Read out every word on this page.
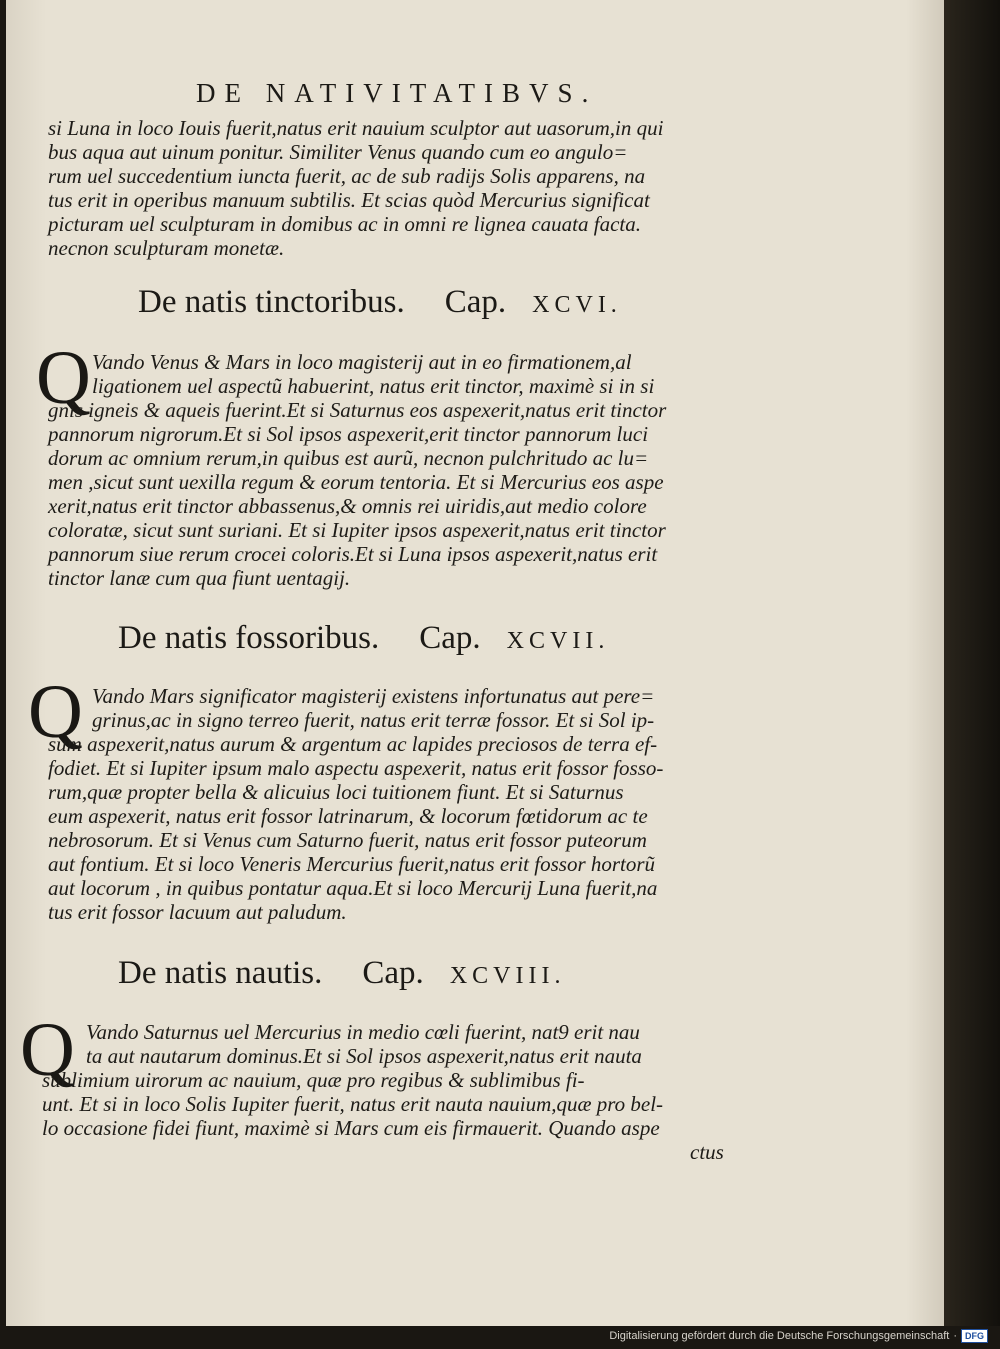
DE NATIVITATIBVS.

si Luna in loco Iouis fuerit,natus erit nauium sculptor aut uasorum,in quі

bus aqua aut uinum ponitur. Similiter Venus quando cum eo angulo=

rum uel succedentium iuncta fuerit, ac de sub radijs Solis apparens, na

tus erit in operibus manuum subtilis. Et scias quòd Mercurius significat

picturam uel sculpturam in domibus ac in omni re lignea cauata facta.

necnon sculpturam monetæ.

De natis tinctoribus. Cap. XCVI.
Q Vando Venus & Mars in loco magisterij aut in eo firmationem,al

ligationem uel aspectũ habuerint, natus erit tinctor, maximè si in si

gnis igneis & aqueis fuerint.Et si Saturnus eos aspexerit,natus erit tinctor

pannorum nigrorum.Et si Sol ipsos aspexerit,erit tinctor pannorum luci

dorum ac omnium rerum,in quibus est aurũ, necnon pulchritudo ac lu=

men ,sicut sunt uexilla regum & eorum tentoria. Et si Mercurius eos aspe

xerit,natus erit tinctor abbassenus,& omnis rei uiridis,aut medio colore

coloratæ, sicut sunt suriani. Et si Iupiter ipsos aspexerit,natus erit tinctor

pannorum siue rerum crocei coloris.Et si Luna ipsos aspexerit,natus erit

tinctor lanæ cum qua fiunt uentagij.

De natis fossoribus. Cap. XCVII.
Q Vando Mars significator magisterij existens infortunatus aut pere=

grinus,ac in signo terreo fuerit, natus erit terræ fossor. Et si Sol ip-

sum aspexerit,natus aurum & argentum ac lapides preciosos de terra ef-

fodiet. Et si Iupiter ipsum malo aspectu aspexerit, natus erit fossor fosso-

rum,quæ propter bella & alicuius loci tuitionem fiunt. Et si Saturnus

eum aspexerit, natus erit fossor latrinarum, & locorum fœtidorum ac te

nebrosorum. Et si Venus cum Saturno fuerit, natus erit fossor puteorum

aut fontium. Et si loco Veneris Mercurius fuerit,natus erit fossor hortorũ

aut locorum , in quibus pontatur aqua.Et si loco Mercurij Luna fuerit,na

tus erit fossor lacuum aut paludum.

De natis nautis. Cap. XCVIII.
Q Vando Saturnus uel Mercurius in medio cœli fuerint, nat9 erit nau

ta aut nautarum dominus.Et si Sol ipsos aspexerit,natus erit nauta

sublimium uirorum ac nauium, quæ pro regibus & sublimibus fi-

unt. Et si in loco Solis Iupiter fuerit, natus erit nauta nauium,quæ pro bel-

lo occasione fidei fiunt, maximè si Mars cum eis firmauerit. Quando aspe

ctus
Digitalisierung gefördert durch die Deutsche Forschungsgemeinschaft · DFG
